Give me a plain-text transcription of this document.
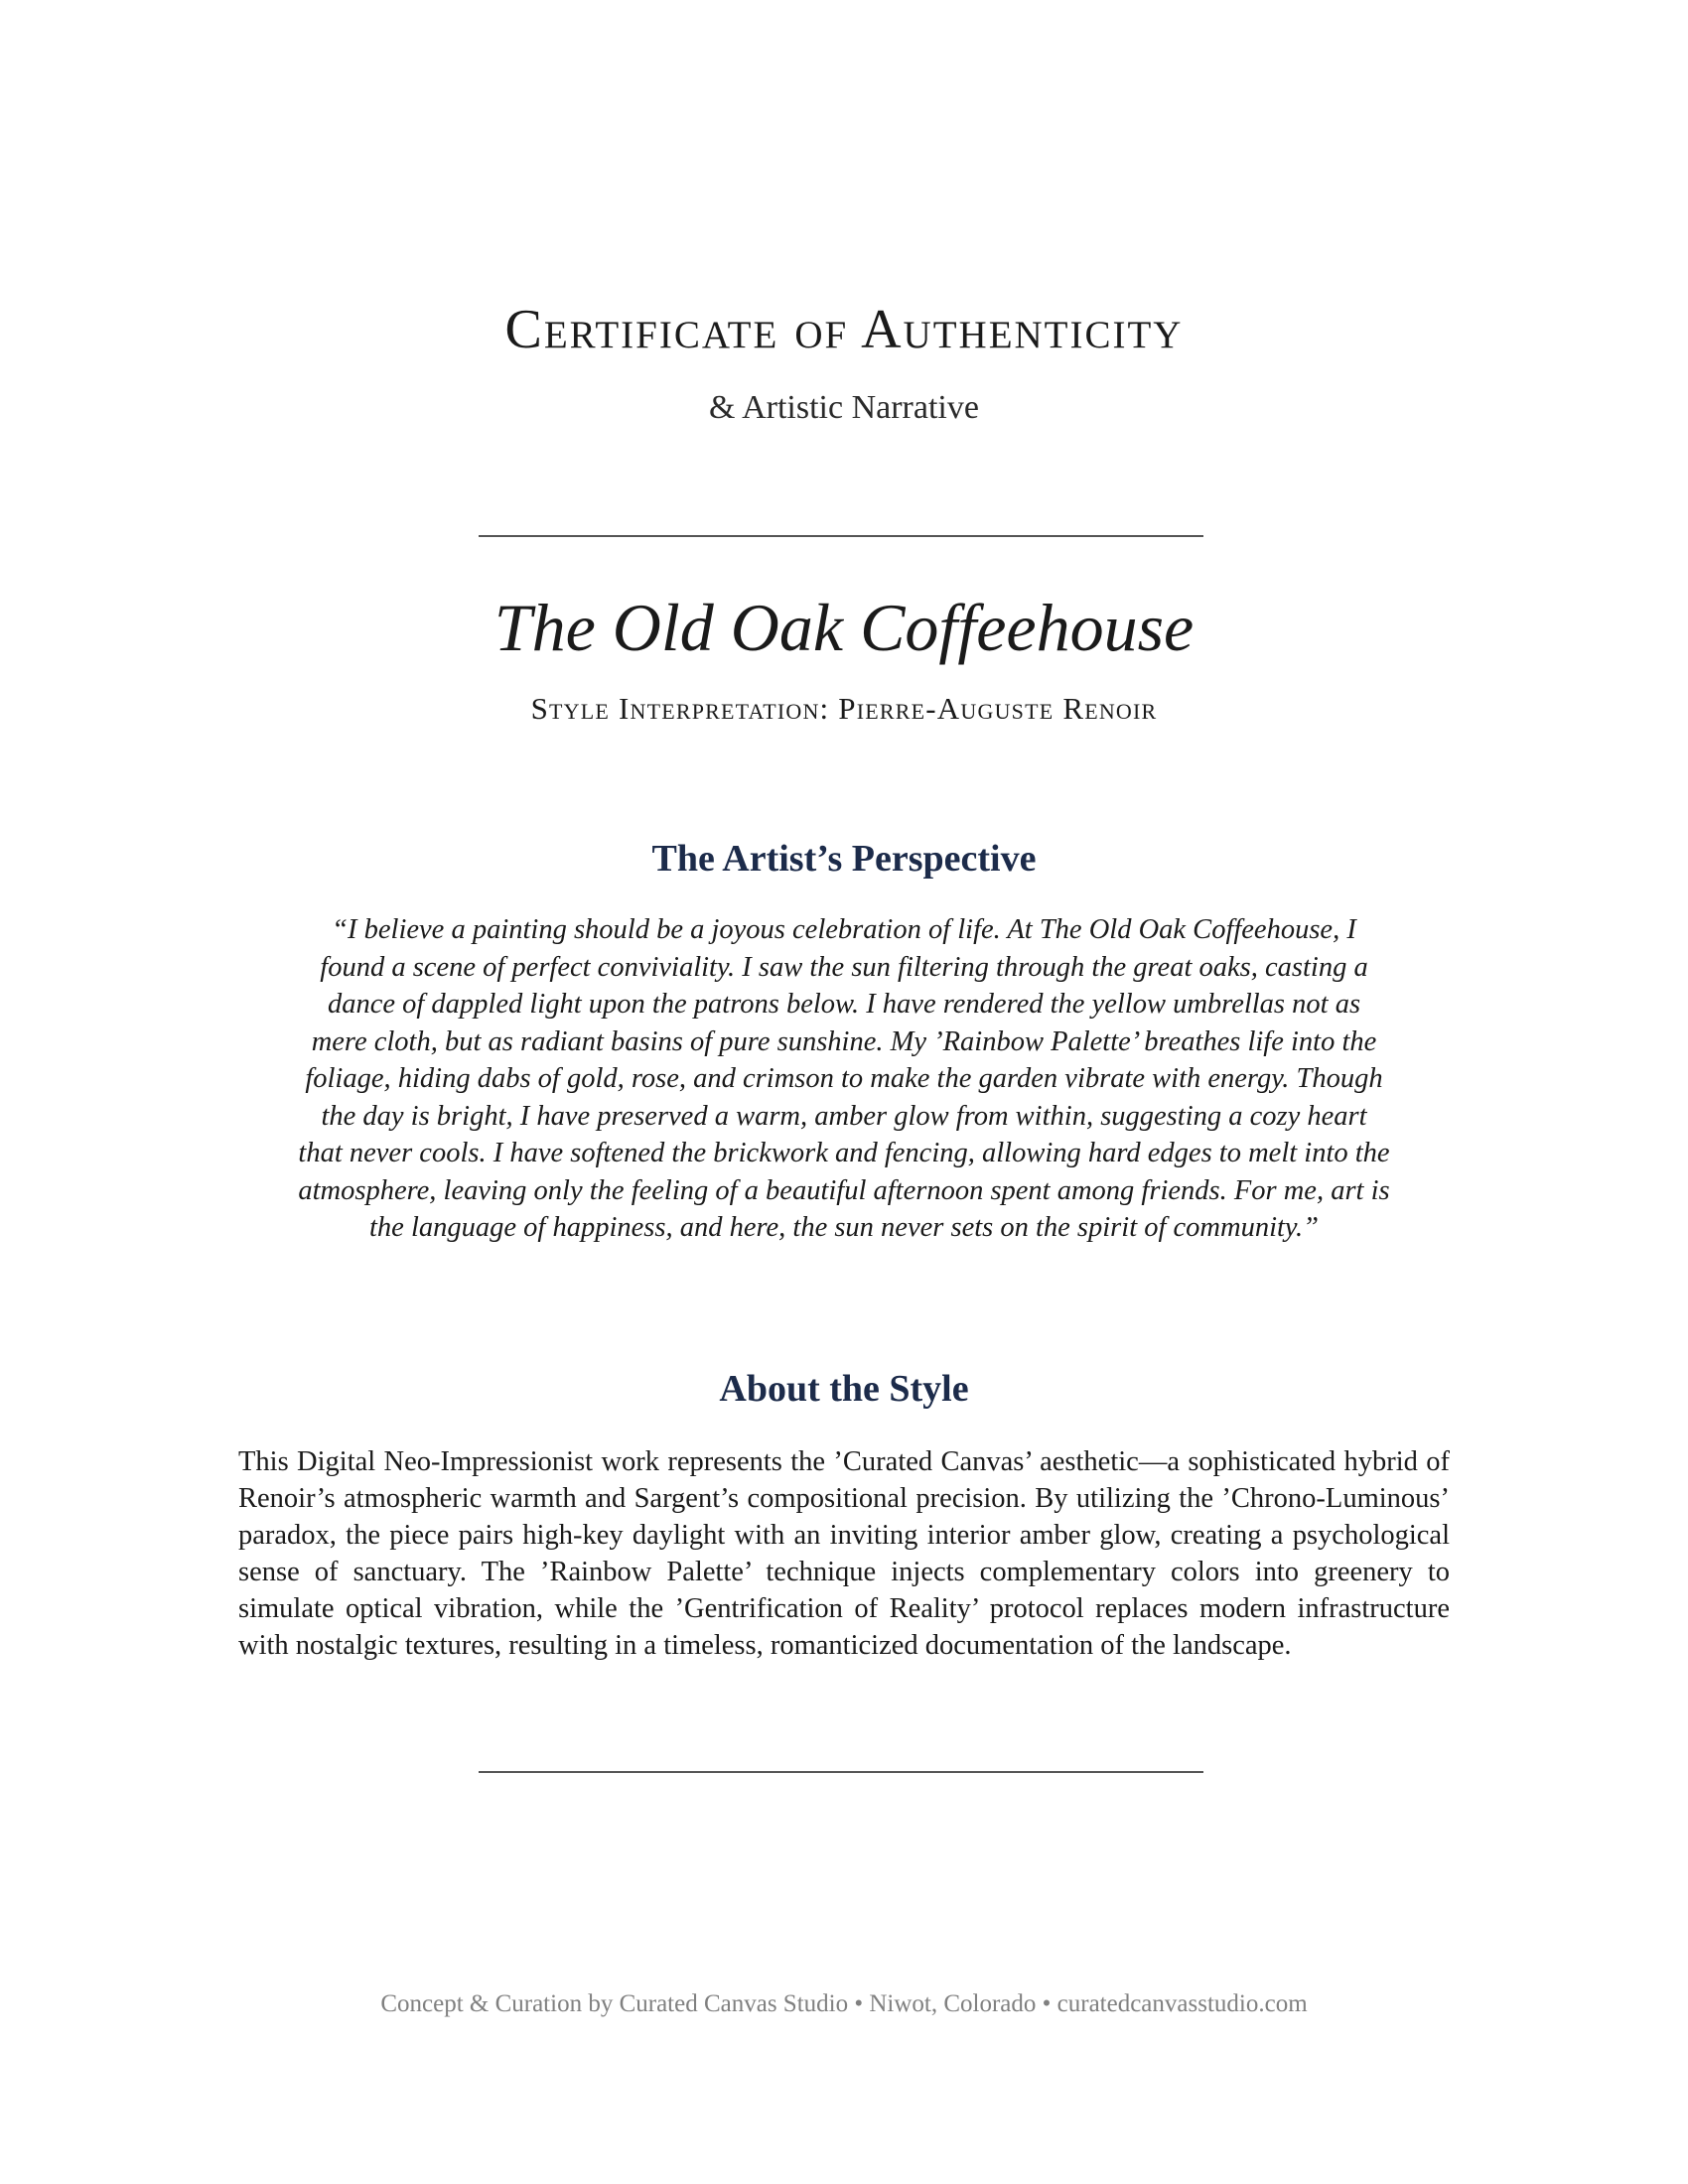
Certificate of Authenticity
& Artistic Narrative
The Old Oak Coffeehouse
Style Interpretation: Pierre-Auguste Renoir
The Artist’s Perspective
“I believe a painting should be a joyous celebration of life. At The Old Oak Coffeehouse, I found a scene of perfect conviviality. I saw the sun filtering through the great oaks, casting a dance of dappled light upon the patrons below. I have rendered the yellow umbrellas not as mere cloth, but as radiant basins of pure sunshine. My ’Rainbow Palette’ breathes life into the foliage, hiding dabs of gold, rose, and crimson to make the garden vibrate with energy. Though the day is bright, I have preserved a warm, amber glow from within, suggesting a cozy heart that never cools. I have softened the brickwork and fencing, allowing hard edges to melt into the atmosphere, leaving only the feeling of a beautiful afternoon spent among friends. For me, art is the language of happiness, and here, the sun never sets on the spirit of community.”
About the Style
This Digital Neo-Impressionist work represents the ’Curated Canvas’ aesthetic—a sophisticated hybrid of Renoir’s atmospheric warmth and Sargent’s compositional precision. By utilizing the ’Chrono-Luminous’ paradox, the piece pairs high-key daylight with an inviting interior amber glow, creating a psychological sense of sanctuary. The ’Rainbow Palette’ technique injects complementary colors into greenery to simulate optical vibration, while the ’Gentrification of Reality’ protocol replaces modern infrastructure with nostalgic textures, resulting in a timeless, romanticized documentation of the landscape.
Concept & Curation by Curated Canvas Studio • Niwot, Colorado • curatedcanvasstudio.com
